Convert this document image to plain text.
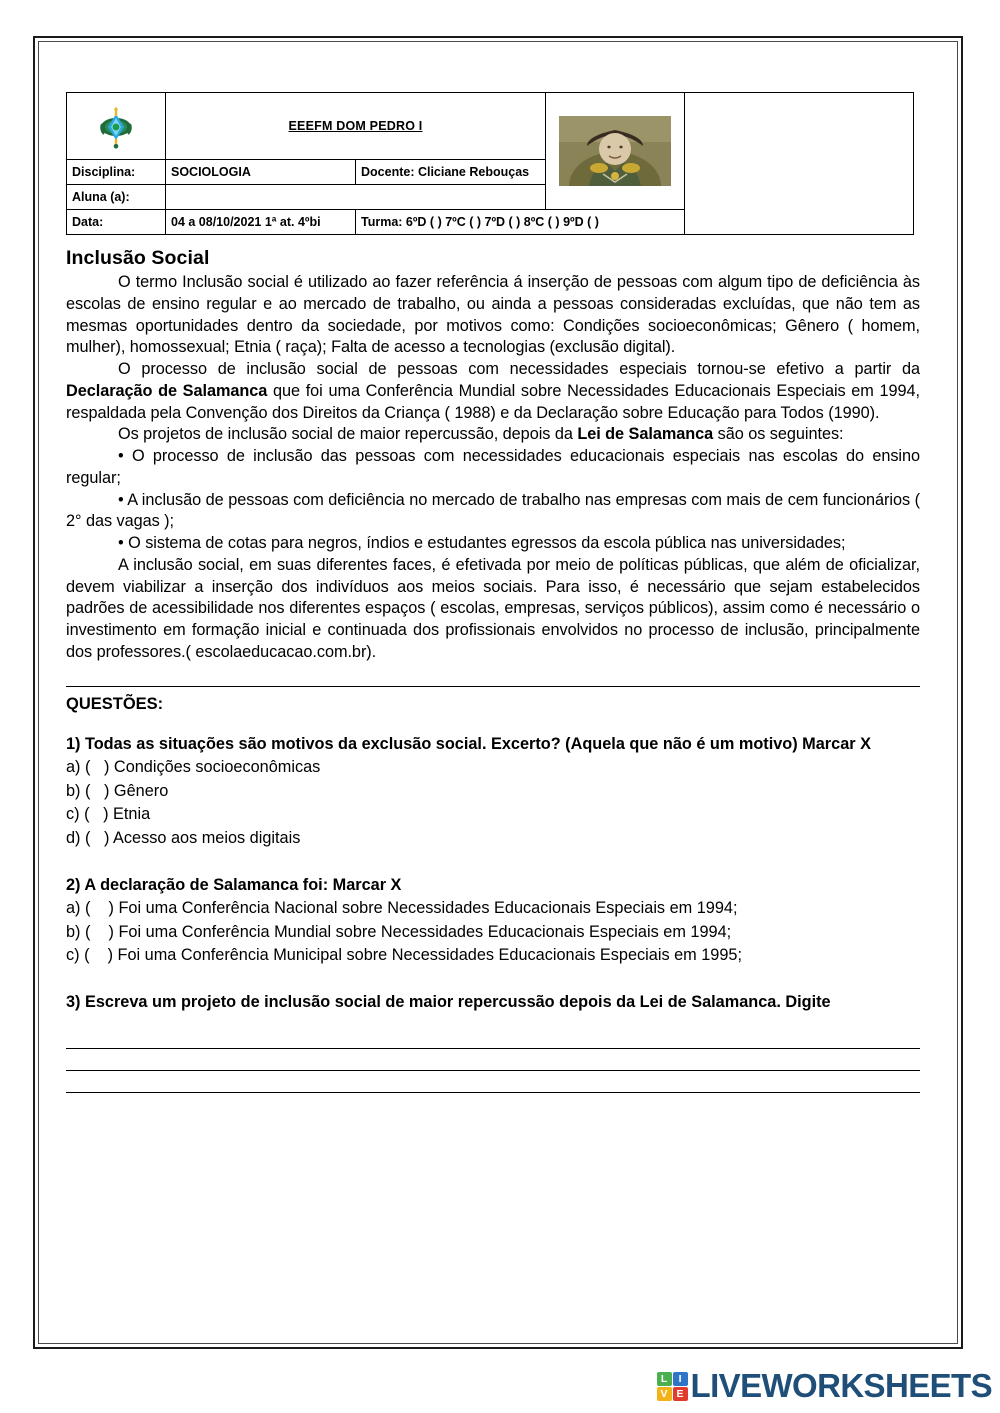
	EEEFM DOM PEDRO I	

Disciplina:	SOCIOLOGIA	Docente: Cliciane Rebouças		
Aluna (a):				
Data:	04 a 08/10/2021 1ª at. 4ºbi	Turma: 6ºD ( ) 7ºC ( ) 7ºD ( ) 8ºC ( ) 9ºD ( )		
Inclusão Social

O termo Inclusão social é utilizado ao fazer referência á inserção de pessoas com algum tipo de deficiência às escolas de ensino regular e ao mercado de trabalho, ou ainda a pessoas consideradas excluídas, que não tem as mesmas oportunidades dentro da sociedade, por motivos como: Condições socioeconômicas; Gênero ( homem, mulher), homossexual; Etnia ( raça); Falta de acesso a tecnologias (exclusão digital).

O processo de inclusão social de pessoas com necessidades especiais tornou-se efetivo a partir da Declaração de Salamanca que foi uma Conferência Mundial sobre Necessidades Educacionais Especiais em 1994, respaldada pela Convenção dos Direitos da Criança ( 1988) e da Declaração sobre Educação para Todos (1990).

Os projetos de inclusão social de maior repercussão, depois da Lei de Salamanca são os seguintes:

• O processo de inclusão das pessoas com necessidades educacionais especiais nas escolas do ensino regular;

• A inclusão de pessoas com deficiência no mercado de trabalho nas empresas com mais de cem funcionários ( 2° das vagas );

• O sistema de cotas para negros, índios e estudantes egressos da escola pública nas universidades;

A inclusão social, em suas diferentes faces, é efetivada por meio de políticas públicas, que além de oficializar, devem viabilizar a inserção dos indivíduos aos meios sociais. Para isso, é necessário que sejam estabelecidos padrões de acessibilidade nos diferentes espaços ( escolas, empresas, serviços públicos), assim como é necessário o investimento em formação inicial e continuada dos profissionais envolvidos no processo de inclusão, principalmente dos professores.( escolaeducacao.com.br).

QUESTÕES:

1) Todas as situações são motivos da exclusão social. Excerto? (Aquela que não é um motivo) Marcar X

a) (   ) Condições socioeconômicas

b) (   ) Gênero

c) (   ) Etnia

d) (   ) Acesso aos meios digitais

2) A declaração de Salamanca foi: Marcar X

a) (    ) Foi uma Conferência Nacional sobre Necessidades Educacionais Especiais em 1994;

b) (    ) Foi uma Conferência Mundial sobre Necessidades Educacionais Especiais em 1994;

c) (    ) Foi uma Conferência Municipal sobre Necessidades Educacionais Especiais em 1995;

3) Escreva um projeto de inclusão social de maior repercussão depois da Lei de Salamanca. Digite

L	I
V E LIVEWORKSHEETS
